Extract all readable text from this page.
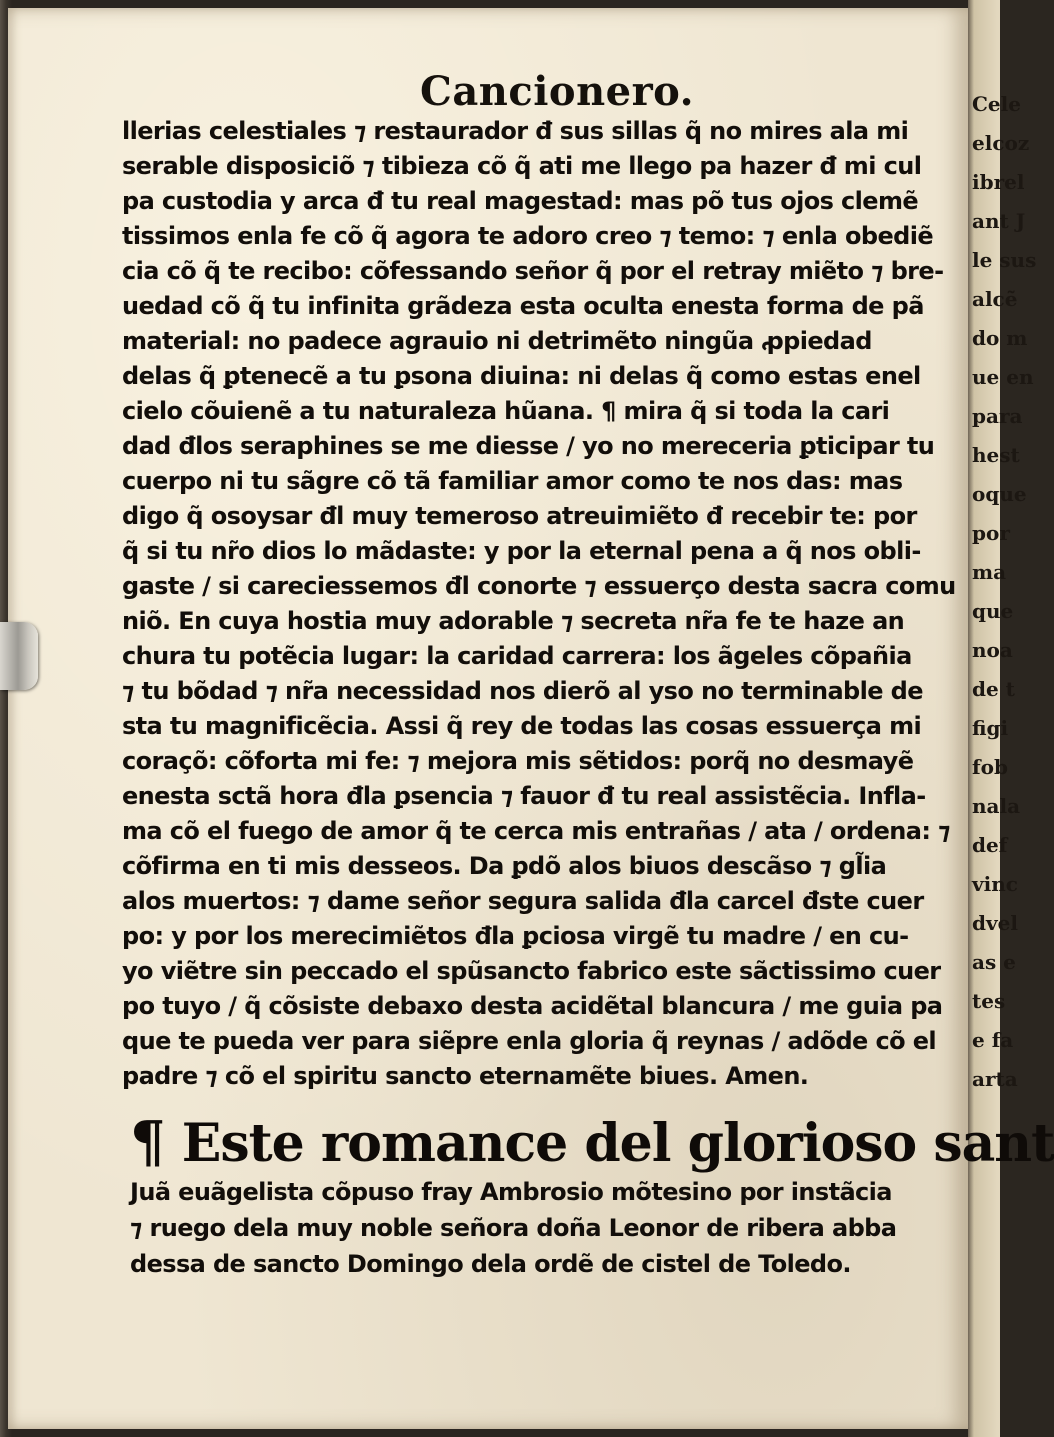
Cele
elcoz
ibrel
ant J
le sus
alcẽ
do m
ue en
para
hest
oque
por
ma
que
noa
de t
figi
fob
nala
def
vinc
dvel
as e
tes
e fa
arta
Cancionero.
llerias celestiales ⁊ restaurador đ sus sillas q̃ no mires ala mi
serable disposiciõ ⁊ tibieza cõ q̃ ati me llego pa hazer đ mi cul
pa custodia y arca đ tu real magestad: mas põ tus ojos clemẽ
tissimos enla fe cõ q̃ agora te adoro creo ⁊ temo: ⁊ enla obediẽ
cia cõ q̃ te recibo: cõfessando señor q̃ por el retray miẽto ⁊ bre-
uedad cõ q̃ tu infinita grãdeza esta oculta enesta forma de pã
material: no padece agrauio ni detrimẽto ningũa ꝓpiedad
delas q̃ ꝑtenecẽ a tu ꝑsona diuina: ni delas q̃ como estas enel
cielo cõuienẽ a tu naturaleza hũana. ¶ mira q̃ si toda la cari
dad đlos seraphines se me diesse / yo no mereceria ꝑticipar tu
cuerpo ni tu sãgre cõ tã familiar amor como te nos das: mas
digo q̃ osoysar đl muy temeroso atreuimiẽto đ recebir te: por
q̃ si tu nr̃o dios lo mãdaste: y por la eternal pena a q̃ nos obli-
gaste / si careciessemos đl conorte ⁊ essuerço desta sacra comu
niõ. En cuya hostia muy adorable ⁊ secreta nr̃a fe te haze an
chura tu potẽcia lugar: la caridad carrera: los ãgeles cõpañia
⁊ tu bõdad ⁊ nr̃a necessidad nos dierõ al yso no terminable de
sta tu magnificẽcia. Assi q̃ rey de todas las cosas essuerça mi
coraçõ: cõforta mi fe: ⁊ mejora mis sẽtidos: porq̃ no desmayẽ
enesta sctã hora đla ꝑsencia ⁊ fauor đ tu real assistẽcia. Infla-
ma cõ el fuego de amor q̃ te cerca mis entrañas / ata / ordena: ⁊
cõfirma en ti mis desseos. Da ꝑdõ alos biuos descãso ⁊ gl̃ia
alos muertos: ⁊ dame señor segura salida đla carcel đste cuer
po: y por los merecimiẽtos đla ꝑciosa virgẽ tu madre / en cu-
yo viẽtre sin peccado el spũsancto fabrico este sãctissimo cuer
po tuyo / q̃ cõsiste debaxo desta acidẽtal blancura / me guia pa
que te pueda ver para siẽpre enla gloria q̃ reynas / adõde cõ el
padre ⁊ cõ el spiritu sancto eternamẽte biues. Amen.
¶ Este romance del glorioso sant
Juã euãgelista cõpuso fray Ambrosio mõtesino por instãcia
⁊ ruego dela muy noble señora doña Leonor de ribera abba
dessa de sancto Domingo dela ordẽ de cistel de Toledo.
